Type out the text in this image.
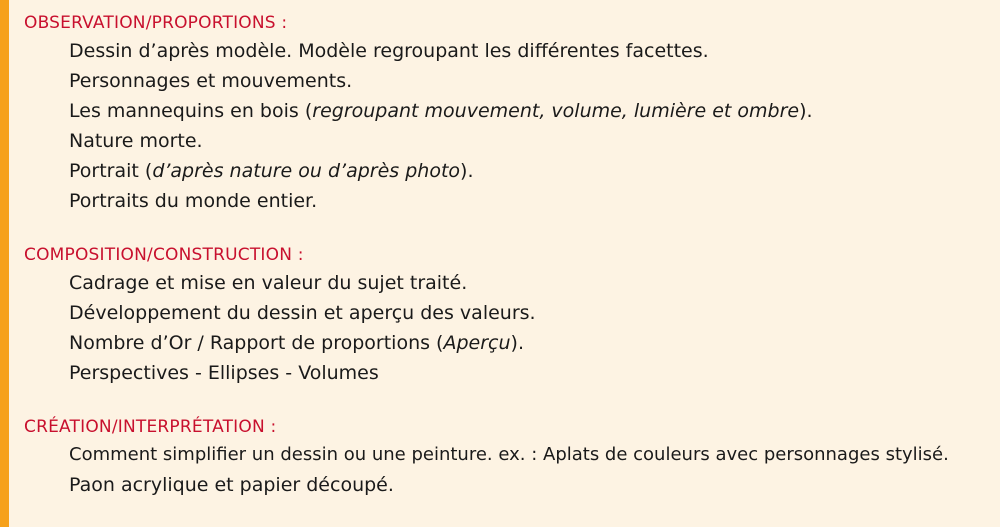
OBSERVATION/PROPORTIONS :
Dessin d’après modèle. Modèle regroupant les différentes facettes.
Personnages et mouvements.
Les mannequins en bois (regroupant mouvement, volume, lumière et ombre).
Nature morte.
Portrait (d’après nature ou d’après photo).
Portraits du monde entier.
COMPOSITION/CONSTRUCTION :
Cadrage et mise en valeur du sujet traité.
Développement du dessin et aperçu des valeurs.
Nombre d’Or / Rapport de proportions (Aperçu).
Perspectives - Ellipses - Volumes
CRÉATION/INTERPRÉTATION :
Comment simplifier un dessin ou une peinture. ex. : Aplats de couleurs avec personnages stylisé.
Paon acrylique et papier découpé.
